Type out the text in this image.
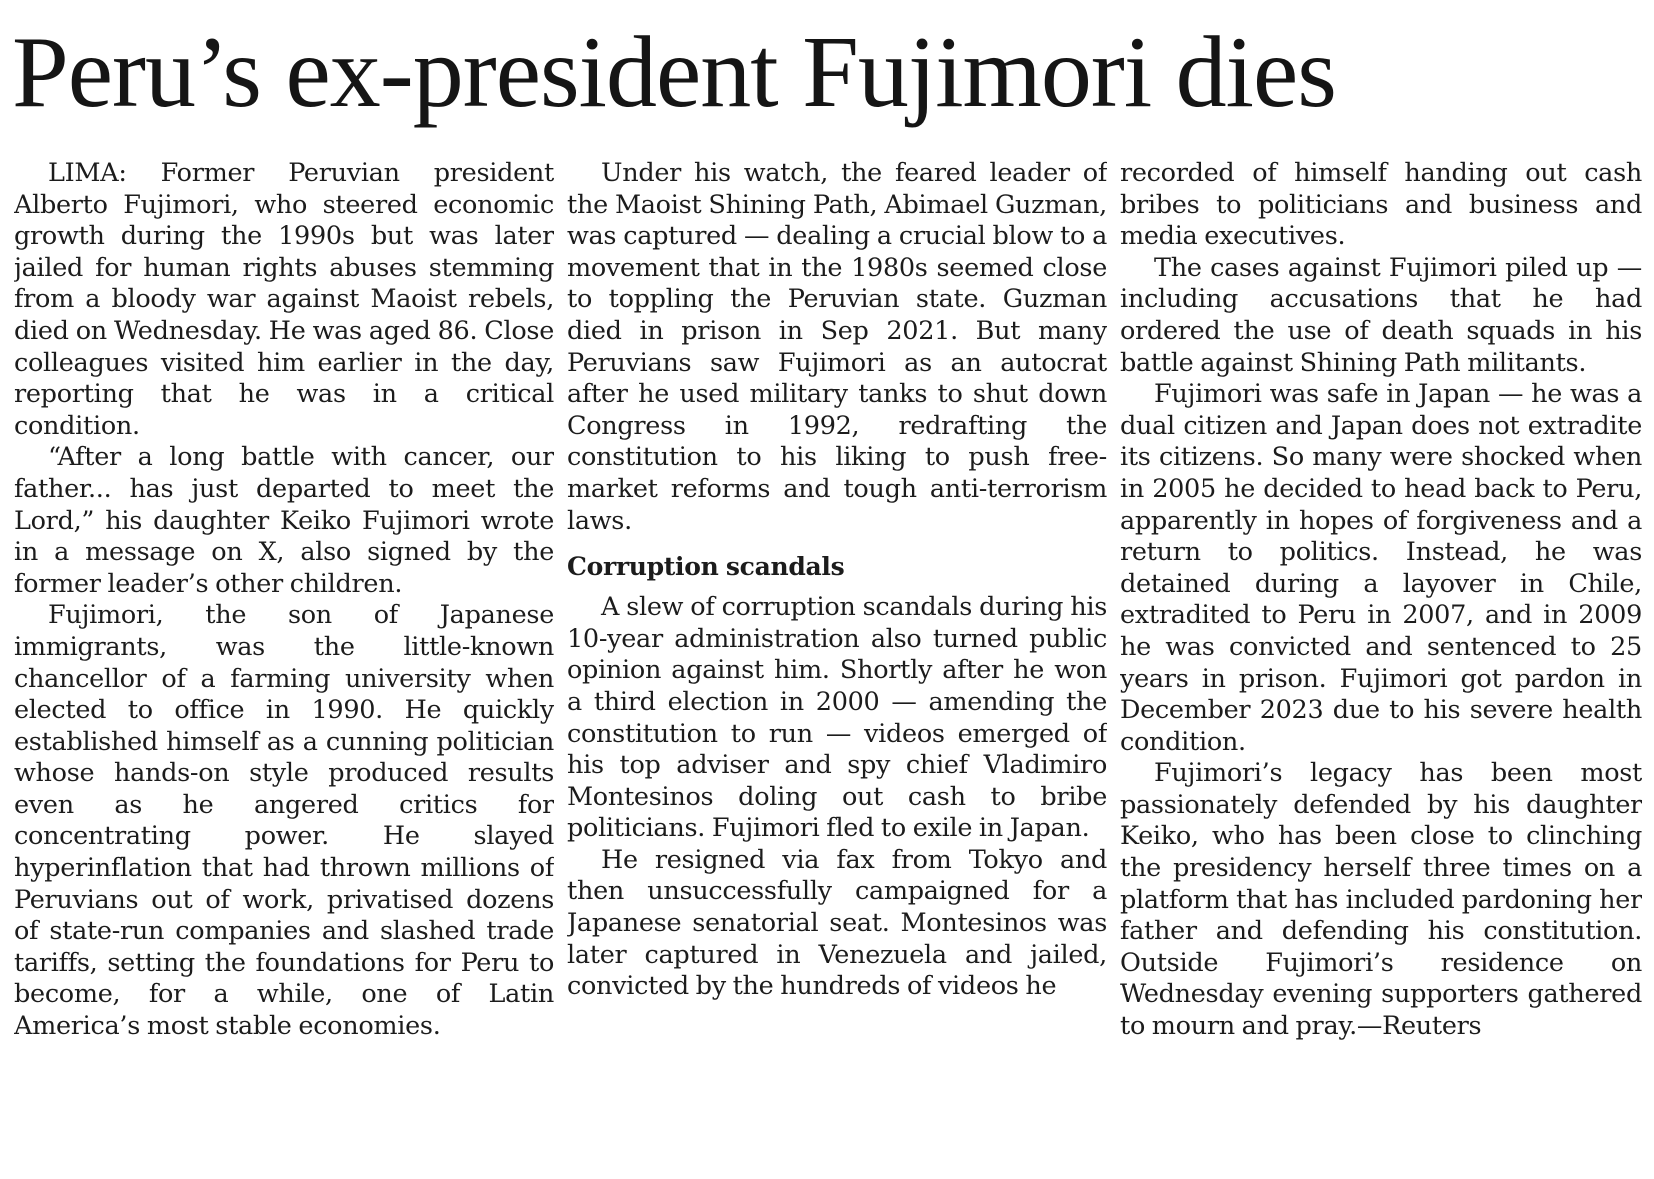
Peru’s ex-president Fujimori dies

LIMA: Former Peruvian president Alberto Fujimori, who steered economic growth during the 1990s but was later jailed for human rights abuses stemming from a bloody war against Maoist rebels, died on Wednesday. He was aged 86. Close colleagues visited him earlier in the day, reporting that he was in a critical condition.

“After a long battle with cancer, our father... has just departed to meet the Lord,” his daughter Keiko Fujimori wrote in a message on X, also signed by the former leader’s other children.

Fujimori, the son of Japanese immigrants, was the little-known chancellor of a farming university when elected to office in 1990. He quickly established himself as a cunning politician whose hands-on style produced results even as he angered critics for concentrating power. He slayed hyperinflation that had thrown millions of Peruvians out of work, privatised dozens of state-run companies and slashed trade tariffs, setting the foundations for Peru to become, for a while, one of Latin America’s most stable economies.

Under his watch, the feared leader of the Maoist Shining Path, Abimael Guzman, was captured — dealing a crucial blow to a movement that in the 1980s seemed close to toppling the Peruvian state. Guzman died in prison in Sep 2021. But many Peruvians saw Fujimori as an autocrat after he used military tanks to shut down Congress in 1992, redrafting the constitution to his liking to push free-market reforms and tough anti-terrorism laws.

Corruption scandals

A slew of corruption scandals during his 10-year administration also turned public opinion against him. Shortly after he won a third election in 2000 — amending the constitution to run — videos emerged of his top adviser and spy chief Vladimiro Montesinos doling out cash to bribe politicians. Fujimori fled to exile in Japan.

He resigned via fax from Tokyo and then unsuccessfully campaigned for a Japanese senatorial seat. Montesinos was later captured in Venezuela and jailed, convicted by the hundreds of videos he

recorded of himself handing out cash bribes to politicians and business and media executives.

The cases against Fujimori piled up — including accusations that he had ordered the use of death squads in his battle against Shining Path militants.

Fujimori was safe in Japan — he was a dual citizen and Japan does not extradite its citizens. So many were shocked when in 2005 he decided to head back to Peru, apparently in hopes of forgiveness and a return to politics. Instead, he was detained during a layover in Chile, extradited to Peru in 2007, and in 2009 he was convicted and sentenced to 25 years in prison. Fujimori got pardon in December 2023 due to his severe health condition.

Fujimori’s legacy has been most passionately defended by his daughter Keiko, who has been close to clinching the presidency herself three times on a platform that has included pardoning her father and defending his constitution. Outside Fujimori’s residence on Wednesday evening supporters gathered to mourn and pray.—Reuters
